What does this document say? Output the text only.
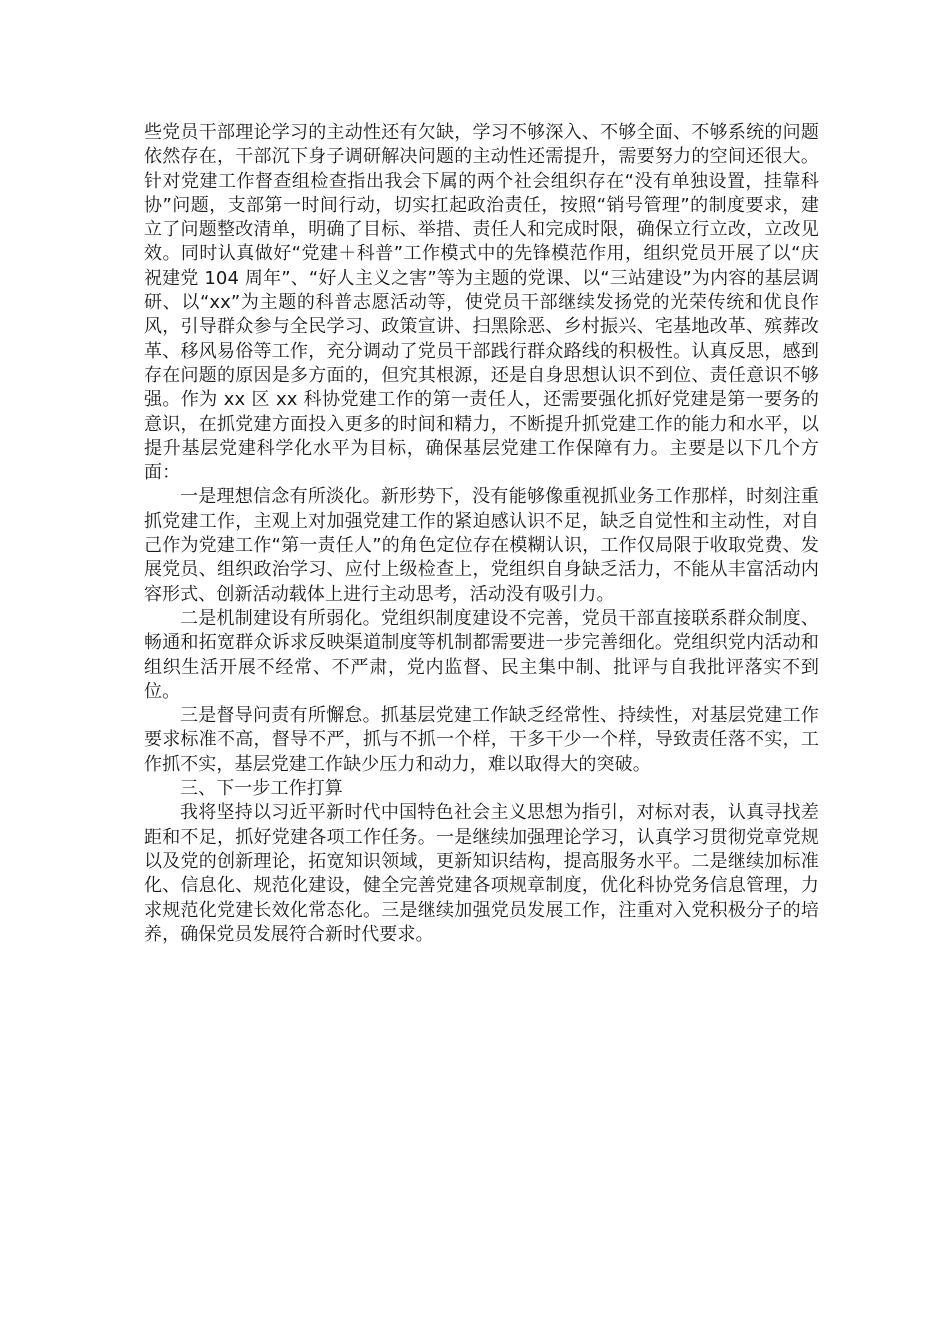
些党员干部理论学习的主动性还有欠缺，学习不够深入、不够全面、不够系统的问题依然存在，干部沉下身子调研解决问题的主动性还需提升，需要努力的空间还很大。针对党建工作督查组检查指出我会下属的两个社会组织存在“没有单独设置，挂靠科协”问题，支部第一时间行动，切实扛起政治责任，按照“销号管理”的制度要求，建立了问题整改清单，明确了目标、举措、责任人和完成时限，确保立行立改，立改见效。同时认真做好“党建＋科普”工作模式中的先锋模范作用，组织党员开展了以“庆祝建党 104 周年”、“好人主义之害”等为主题的党课、以“三站建设”为内容的基层调研、以“xx”为主题的科普志愿活动等，使党员干部继续发扬党的光荣传统和优良作风，引导群众参与全民学习、政策宣讲、扫黑除恶、乡村振兴、宅基地改革、殡葬改革、移风易俗等工作，充分调动了党员干部践行群众路线的积极性。认真反思，感到存在问题的原因是多方面的，但究其根源，还是自身思想认识不到位、责任意识不够强。作为 xx 区 xx 科协党建工作的第一责任人，还需要强化抓好党建是第一要务的意识，在抓党建方面投入更多的时间和精力，不断提升抓党建工作的能力和水平，以提升基层党建科学化水平为目标，确保基层党建工作保障有力。主要是以下几个方面：

一是理想信念有所淡化。新形势下，没有能够像重视抓业务工作那样，时刻注重抓党建工作，主观上对加强党建工作的紧迫感认识不足，缺乏自觉性和主动性，对自己作为党建工作“第一责任人”的角色定位存在模糊认识，工作仅局限于收取党费、发展党员、组织政治学习、应付上级检查上，党组织自身缺乏活力，不能从丰富活动内容形式、创新活动载体上进行主动思考，活动没有吸引力。

二是机制建设有所弱化。党组织制度建设不完善，党员干部直接联系群众制度、畅通和拓宽群众诉求反映渠道制度等机制都需要进一步完善细化。党组织党内活动和组织生活开展不经常、不严肃，党内监督、民主集中制、批评与自我批评落实不到位。

三是督导问责有所懈怠。抓基层党建工作缺乏经常性、持续性，对基层党建工作要求标准不高，督导不严，抓与不抓一个样，干多干少一个样，导致责任落不实，工作抓不实，基层党建工作缺少压力和动力，难以取得大的突破。

三、下一步工作打算

我将坚持以习近平新时代中国特色社会主义思想为指引，对标对表，认真寻找差距和不足，抓好党建各项工作任务。一是继续加强理论学习，认真学习贯彻党章党规以及党的创新理论，拓宽知识领域，更新知识结构，提高服务水平。二是继续加标准化、信息化、规范化建设，健全完善党建各项规章制度，优化科协党务信息管理，力求规范化党建长效化常态化。三是继续加强党员发展工作，注重对入党积极分子的培养，确保党员发展符合新时代要求。
